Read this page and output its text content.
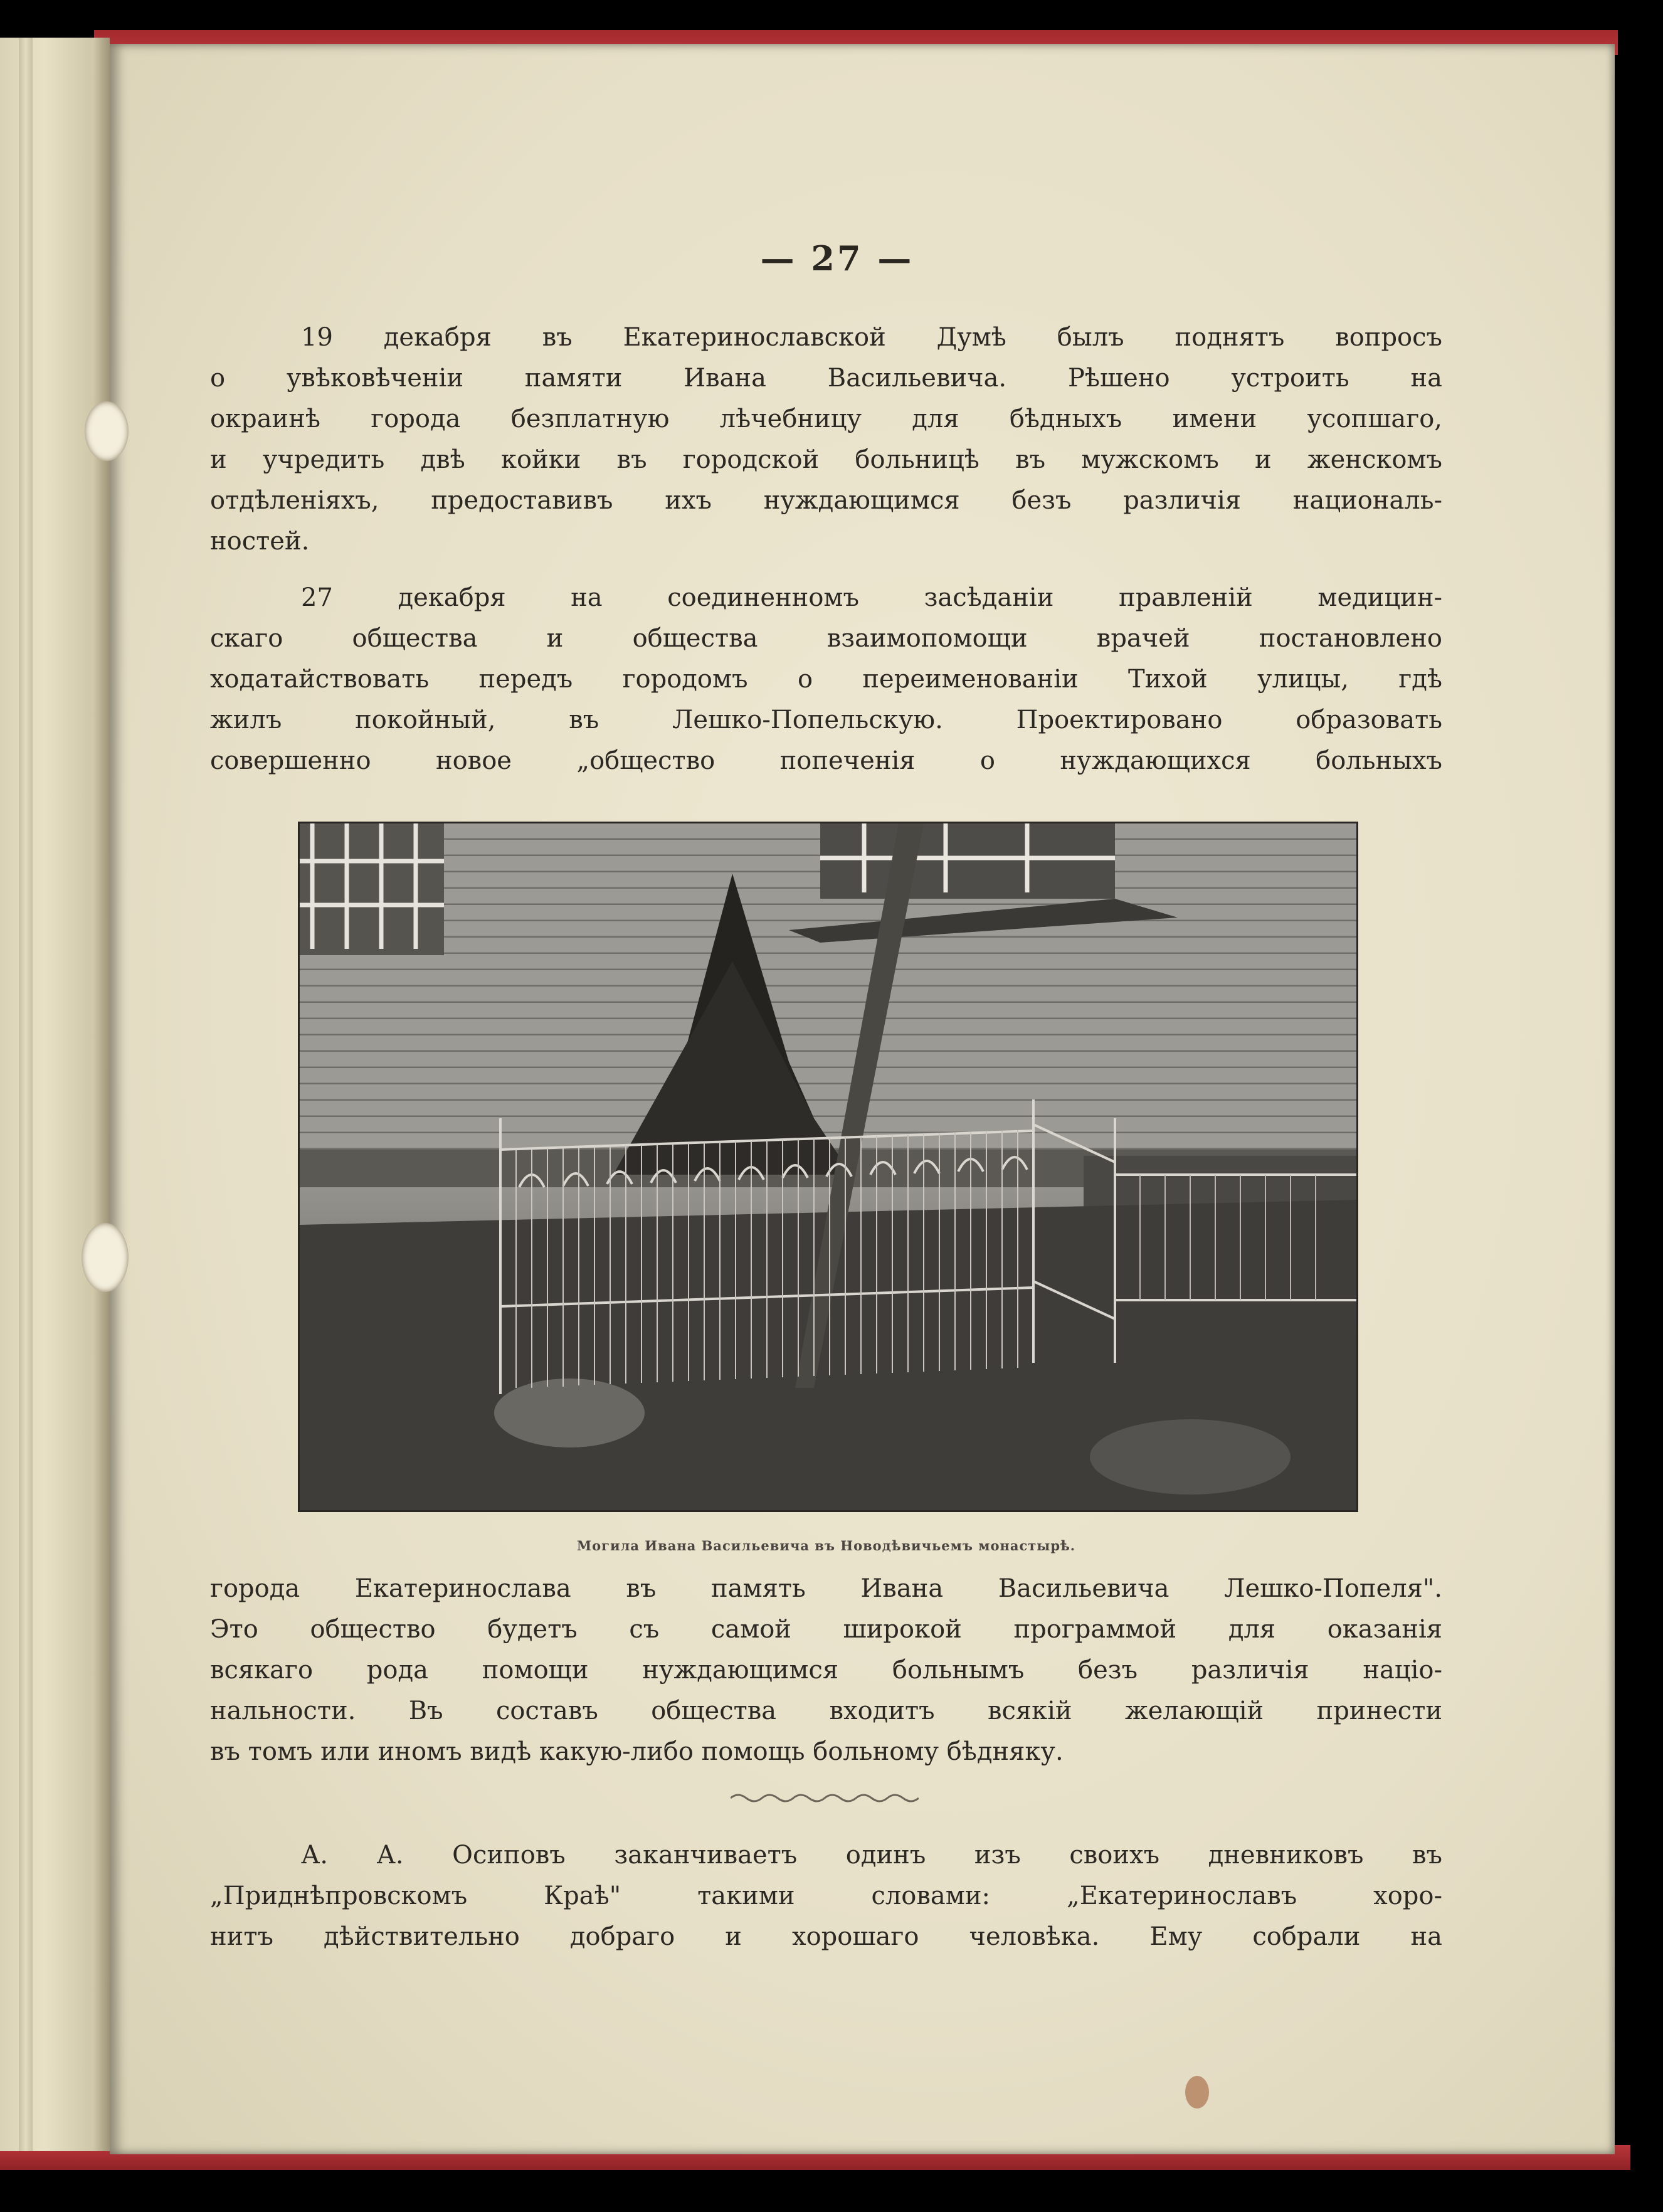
— 27 —
19 декабря въ Екатеринославской Думѣ былъ поднятъ вопросъ
о увѣковѣченіи памяти Ивана Васильевича. Рѣшено устроить на
окраинѣ города безплатную лѣчебницу для бѣдныхъ имени усопшаго,
и учредить двѣ койки въ городской больницѣ въ мужскомъ и женскомъ
отдѣленіяхъ, предоставивъ ихъ нуждающимся безъ различія националь-
ностей.
27 декабря на соединенномъ засѣданіи правленій медицин-
скаго общества и общества взаимопомощи врачей постановлено
ходатайствовать передъ городомъ о переименованіи Тихой улицы, гдѣ
жилъ покойный, въ Лешко-Попельскую. Проектировано образовать
совершенно новое „общество попеченія о нуждающихся больныхъ
Могила Ивана Васильевича въ Новодѣвичьемъ монастырѣ.
города Екатеринослава въ память Ивана Васильевича Лешко-Попеля".
Это общество будетъ съ самой широкой программой для оказанія
всякаго рода помощи нуждающимся больнымъ безъ различія націо-
нальности. Въ составъ общества входитъ всякій желающій принести
въ томъ или иномъ видѣ какую-либо помощь больному бѣдняку.
А. А. Осиповъ заканчиваетъ одинъ изъ своихъ дневниковъ въ
„Приднѣпровскомъ Краѣ" такими словами: „Екатеринославъ хоро-
нитъ дѣйствительно добраго и хорошаго человѣка. Ему собрали на
